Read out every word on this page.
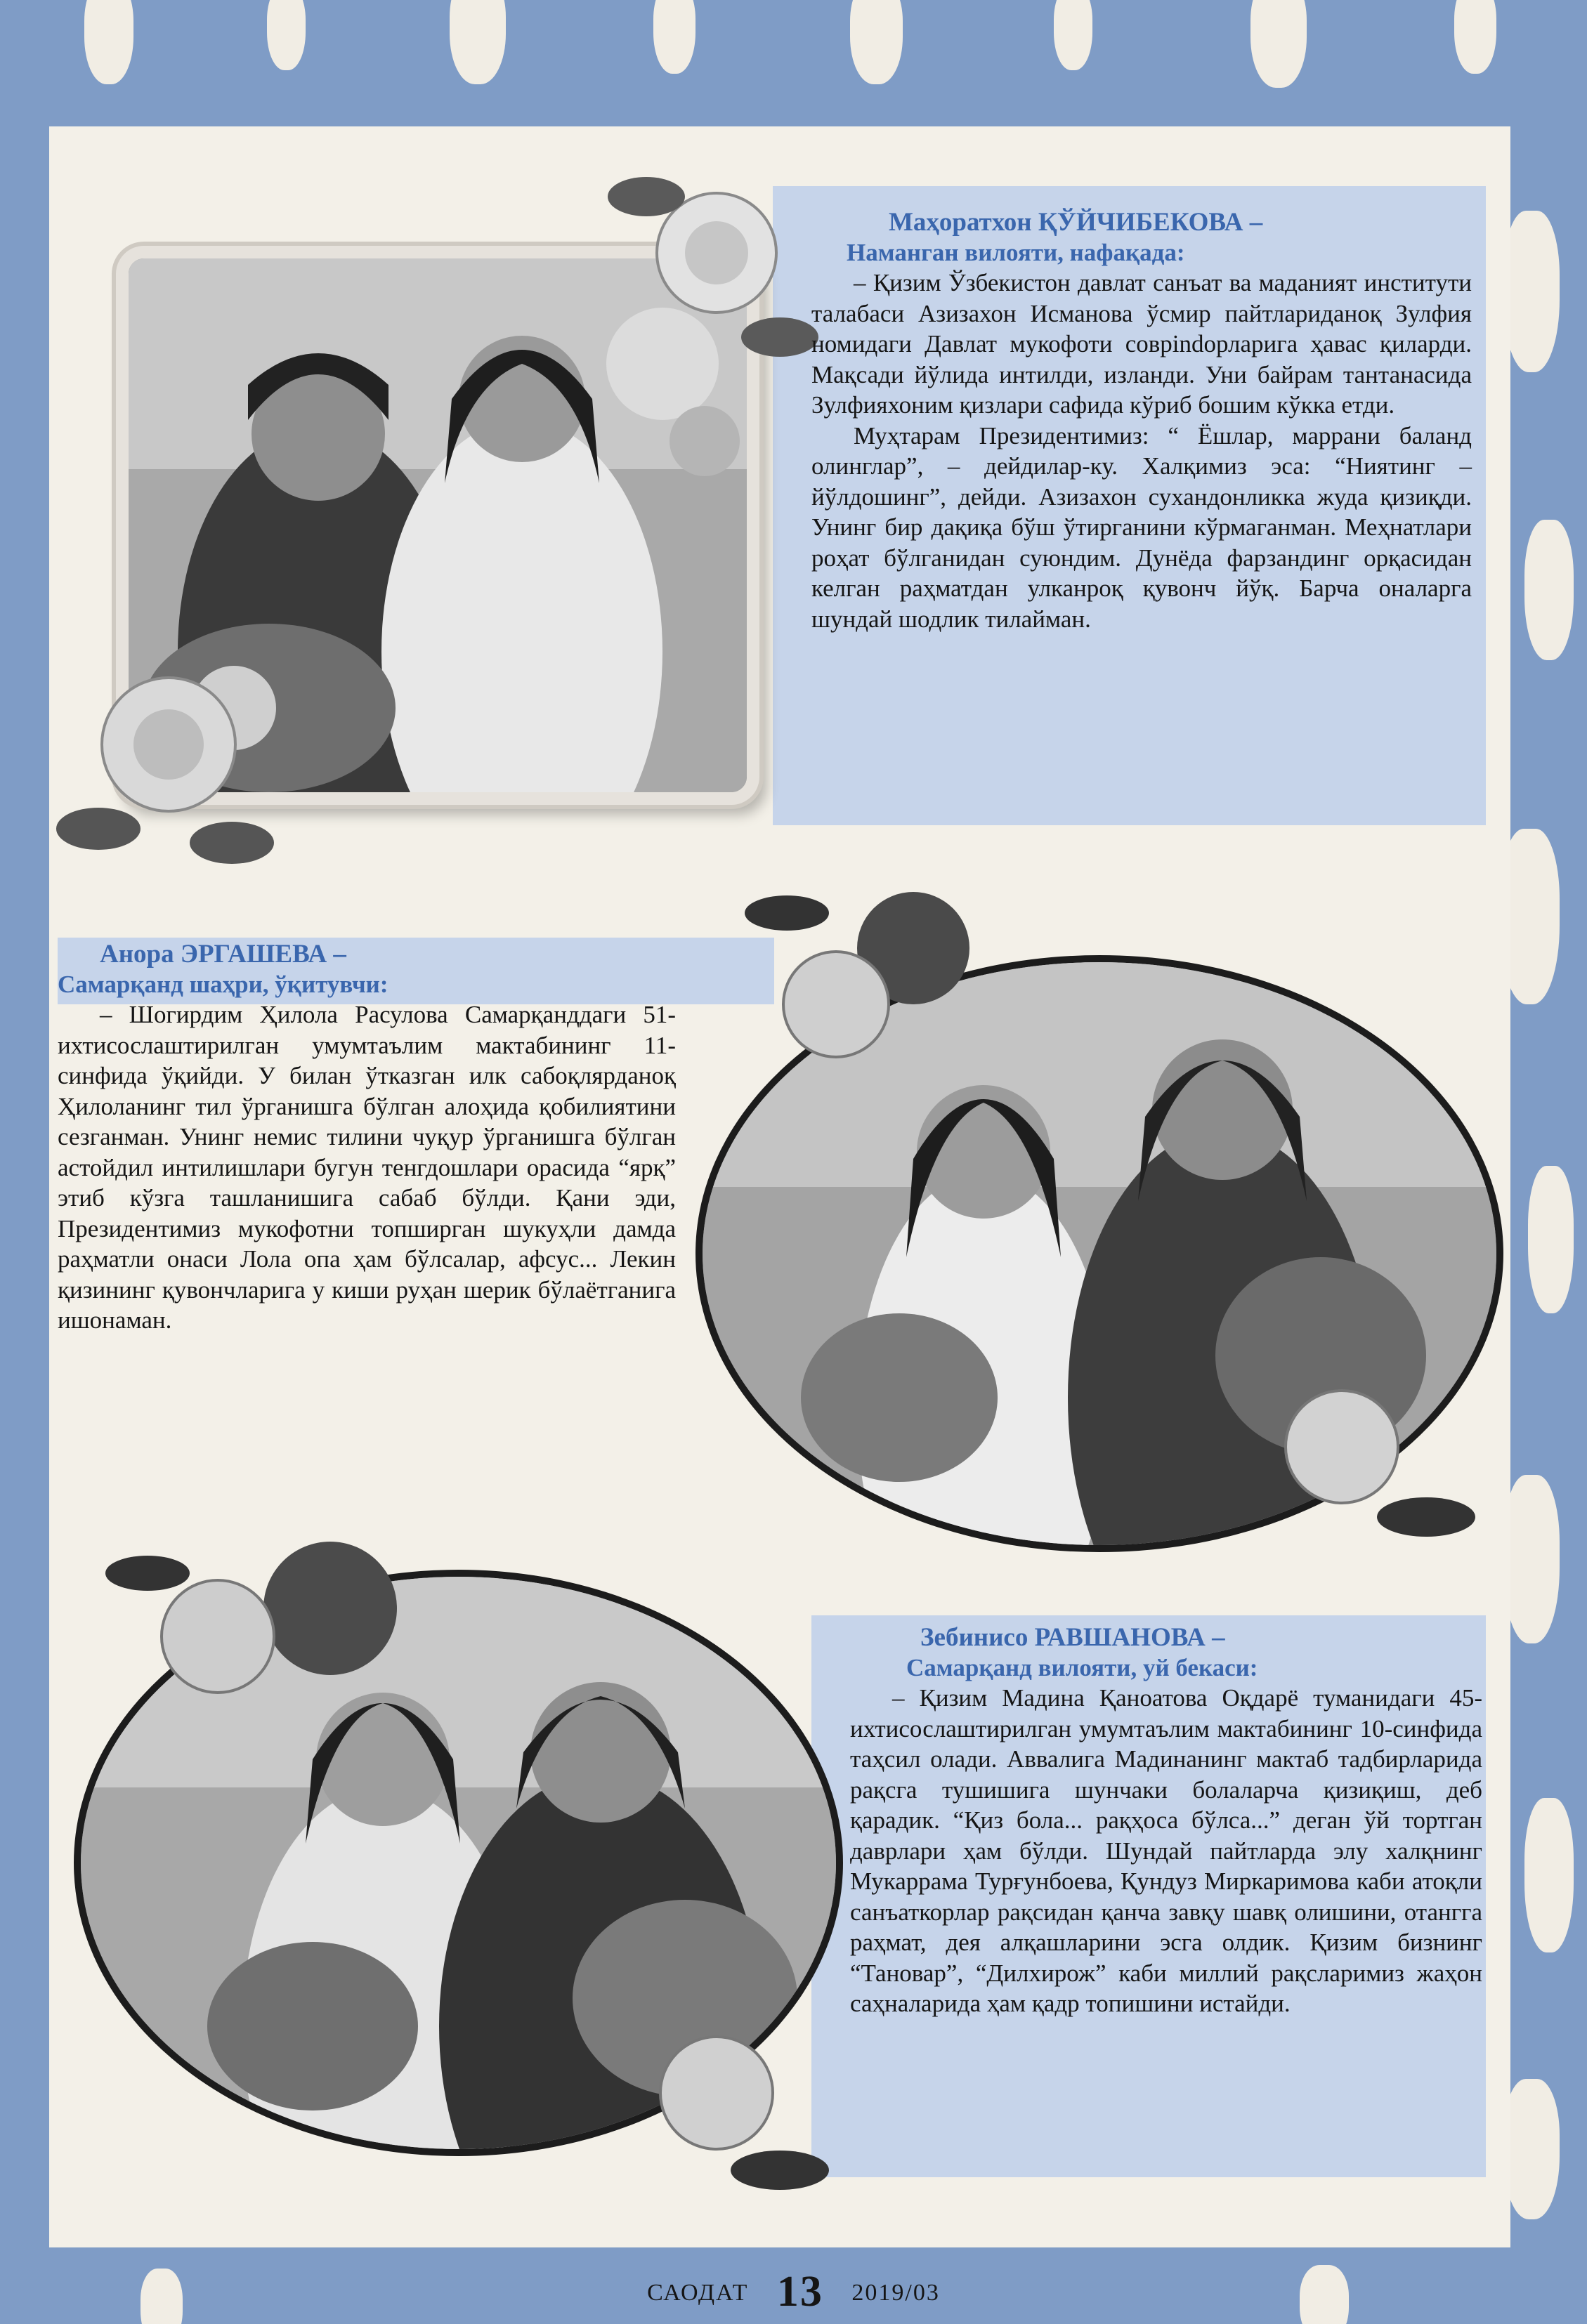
Маҳоратхон ҚЎЙЧИБЕКОВА –
Наманган вилояти, нафақада:

– Қизим Ўзбекистон давлат санъат ва маданият институти талабаси Азизахон Исманова ўсмир пайтлариданоқ Зулфия номидаги Давлат мукофоти соврindорларига ҳавас қиларди. Мақсади йўлида интилди, изланди. Уни байрам тантанасида Зулфияхоним қизлари сафида кўриб бошим кўкка етди.

Муҳтарам Президентимиз: “ Ёшлар, маррани баланд олинглар”, – дейдилар-ку. Халқимиз эса: “Ниятинг – йўлдошинг”, дейди. Азизахон сухандонликка жуда қизиқди. Унинг бир дақиқа бўш ўтирганини кўрмаганман. Меҳнатлари роҳат бўлганидан суюндим. Дунёда фарзандинг орқасидан келган раҳматдан улканроқ қувонч йўқ. Барча оналарга шундай шодлик тилайман.

Анора ЭРГАШЕВА –
Самарқанд шаҳри, ўқитувчи:

– Шогирдим Ҳилола Расулова Самарқанддаги 51-ихтисослаштирилган умумтаълим мактабининг 11-синфида ўқийди. У билан ўтказган илк сабоқлярданоқ Ҳилоланинг тил ўрганишга бўлган алоҳида қобилиятини сезганман. Унинг немис тилини чуқур ўрганишга бўлган астойдил интилишлари бугун тенгдошлари орасида “ярқ” этиб кўзга ташланишига сабаб бўлди. Қани эди, Президентимиз мукофотни топширган шукуҳли дамда раҳматли онаси Лола опа ҳам бўлсалар, афсус... Лекин қизининг қувончларига у киши руҳан шерик бўлаётганига ишонаман.

Зебинисо РАВШАНОВА –
Самарқанд вилояти, уй бекаси:

– Қизим Мадина Қаноатова Оқдарё туманидаги 45-ихтисослаштирилган умумтаълим мактабининг 10-синфида таҳсил олади. Аввалига Мадинанинг мактаб тадбирларида рақсга тушишига шунчаки болаларча қизиқиш, деб қарадик. “Қиз бола... рақҳоса бўлса...” деган ўй тортган даврлари ҳам бўлди. Шундай пайтларда элу халқнинг Мукаррама Турғунбоева, Қундуз Миркаримова каби атоқли санъаткорлар рақсидан қанча завқу шавқ олишини, отангга раҳмат, дея алқашларини эсга олдик. Қизим бизнинг “Тановар”, “Дилхирож” каби миллий рақсларимиз жаҳон саҳналарида ҳам қадр топишини истайди.

САОДАТ 13 2019/03
